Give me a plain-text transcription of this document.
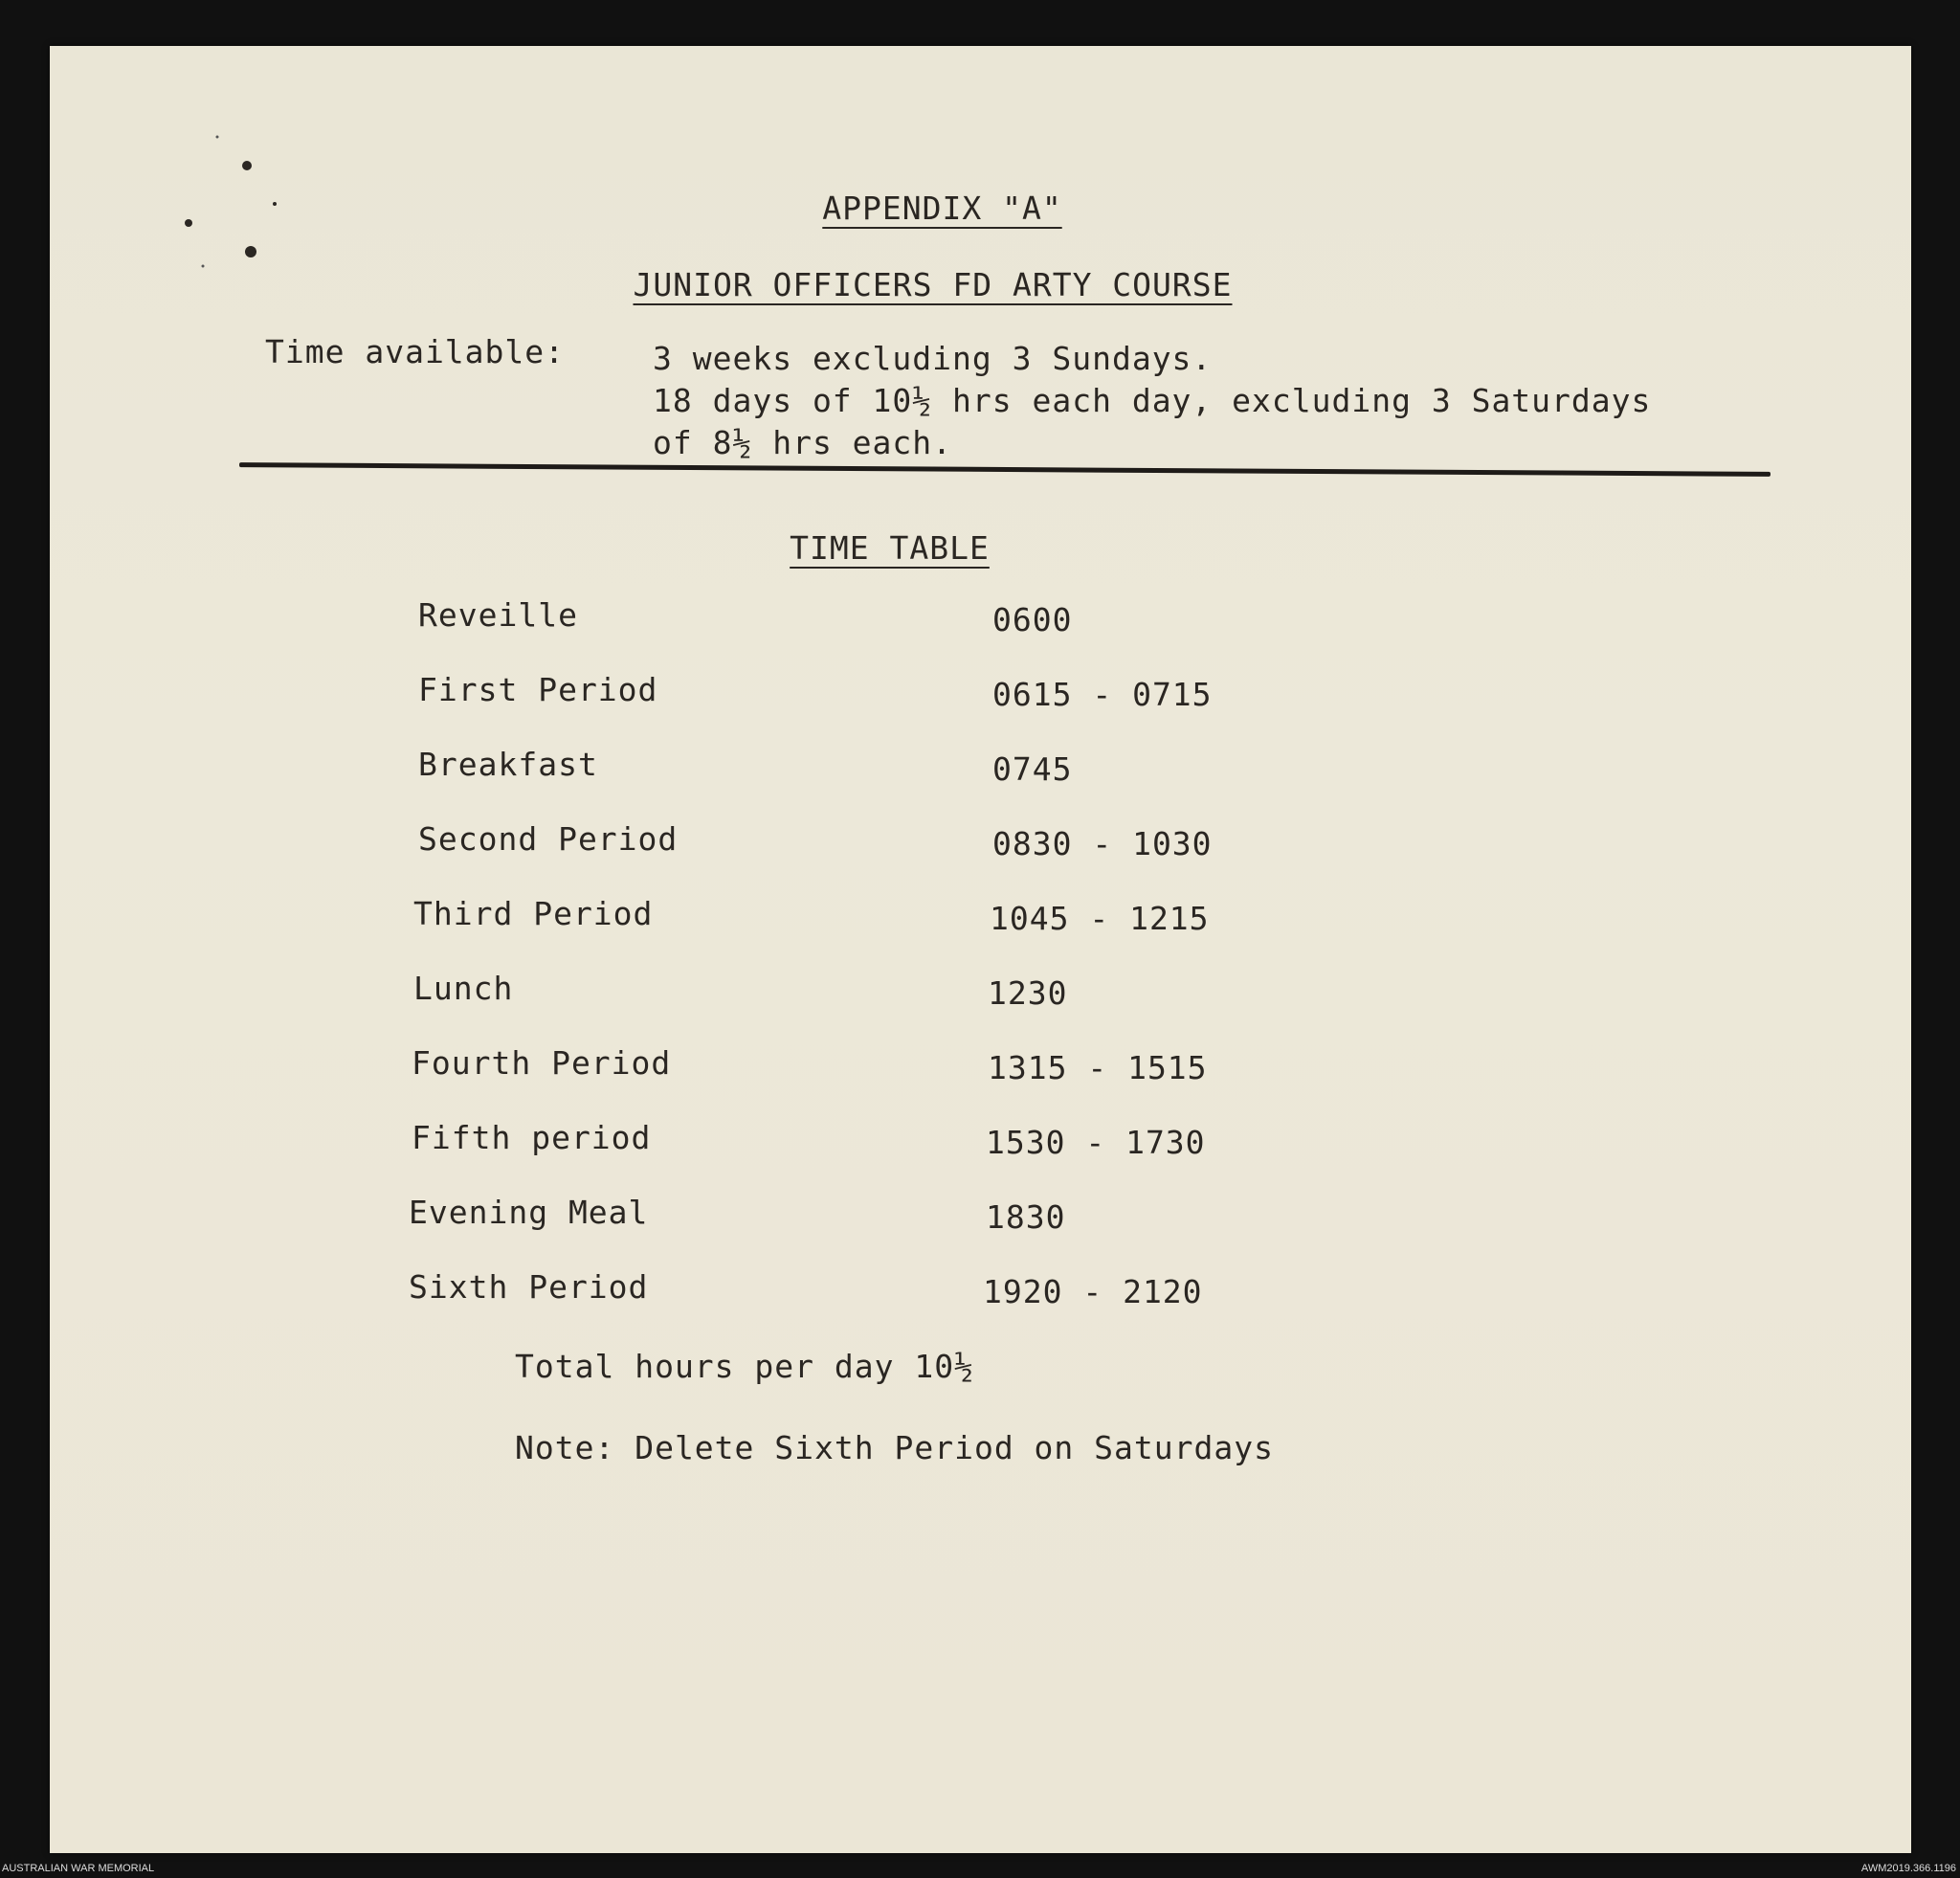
APPENDIX "A"
JUNIOR OFFICERS FD ARTY COURSE
Time available:	3 weeks excluding 3 Sundays.
18 days of 10½ hrs each day, excluding 3 Saturdays
of 8½ hrs each.
TIME TABLE
Reveille	0600
First Period	0615 - 0715
Breakfast	0745
Second Period	0830 - 1030
Third Period	1045 - 1215
Lunch	1230
Fourth Period	1315 - 1515
Fifth period	1530 - 1730
Evening Meal	1830
Sixth Period	1920 - 2120
Total hours per day 10½
Note: Delete Sixth Period on Saturdays
AUSTRALIAN WAR MEMORIAL	AWM2019.366.1196
